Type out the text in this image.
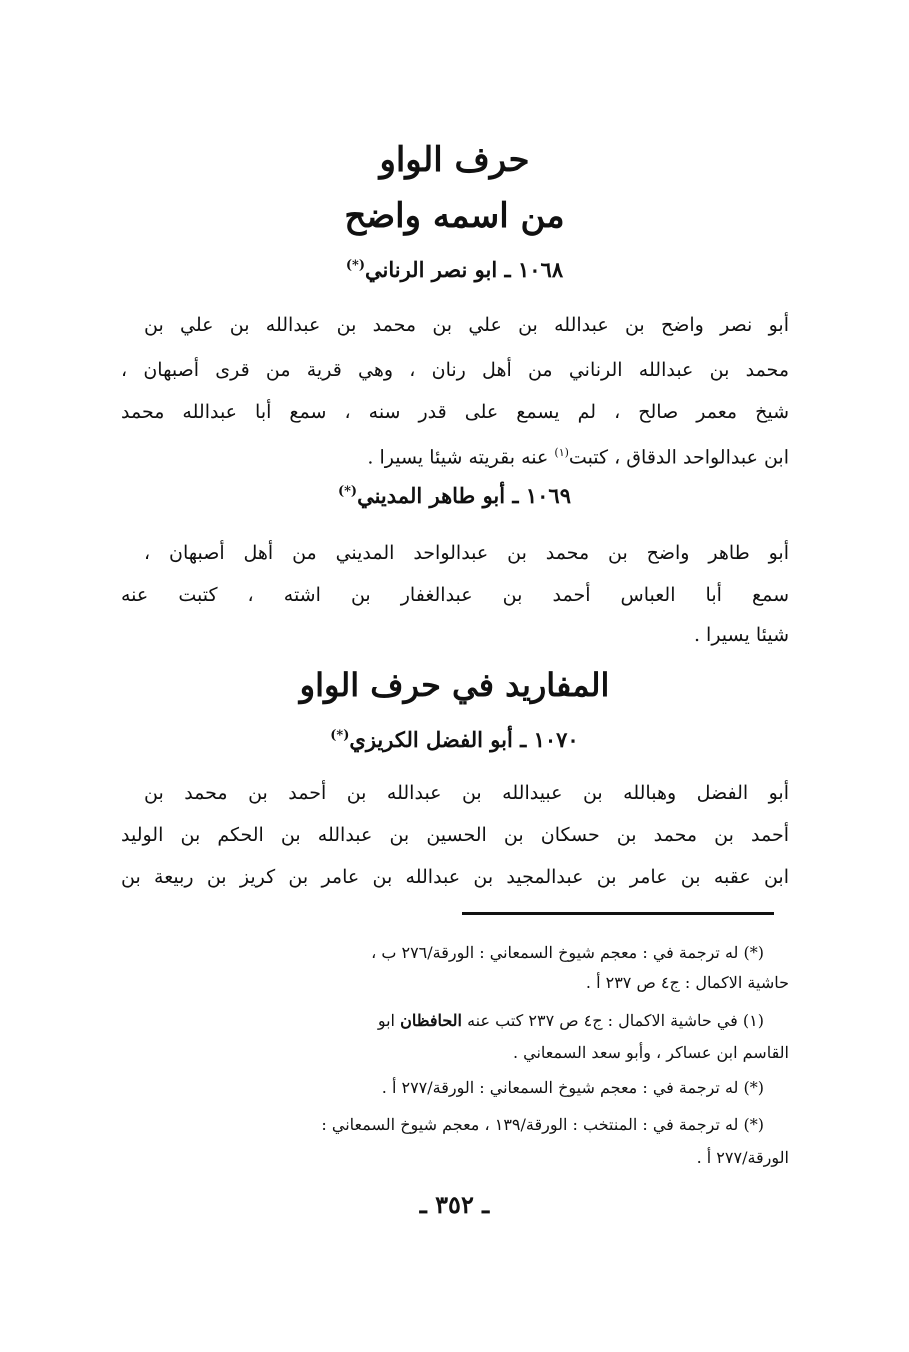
حرف الواو
من اسمه واضح
١٠٦٨ ـ ابو نصر الرناني(*)
أبو نصر واضح بن عبدالله بن علي بن محمد بن عبدالله بن علي بن
محمد بن عبدالله الرناني من أهل رنان ، وهي قرية من قرى أصبهان ،
شيخ معمر صالح ، لم يسمع على قدر سنه ، سمع أبا عبدالله محمد
ابن عبدالواحد الدقاق ، كتبت$^{(١)}$ عنه بقريته شيئا يسيرا .
١٠٦٩ ـ أبو طاهر المديني(*)
أبو طاهر واضح بن محمد بن عبدالواحد المديني من أهل أصبهان ،
سمع أبا العباس أحمد بن عبدالغفار بن اشته ، كتبت عنه
شيئا يسيرا .
المفاريد في حرف الواو
١٠٧٠ ـ أبو الفضل الكريزي(*)
أبو الفضل وهبالله بن عبيدالله بن عبدالله بن أحمد بن محمد بن
أحمد بن محمد بن حسكان بن الحسين بن عبدالله بن الحكم بن الوليد
ابن عقبه بن عامر بن عبدالمجيد بن عبدالله بن عامر بن كريز بن ربيعة بن
(*) له ترجمة في : معجم شيوخ السمعاني : الورقة/٢٧٦ ب ،
حاشية الاكمال : ج٤ ص ٢٣٧ أ .
(١) في حاشية الاكمال : ج٤ ص ٢٣٧ كتب عنه الحافظان ابو
القاسم ابن عساكر ، وأبو سعد السمعاني .
(*) له ترجمة في : معجم شيوخ السمعاني : الورقة/٢٧٧ أ .
(*) له ترجمة في : المنتخب : الورقة/١٣٩ ، معجم شيوخ السمعاني :
الورقة/٢٧٧ أ .
ـ ٣٥٢ ـ
